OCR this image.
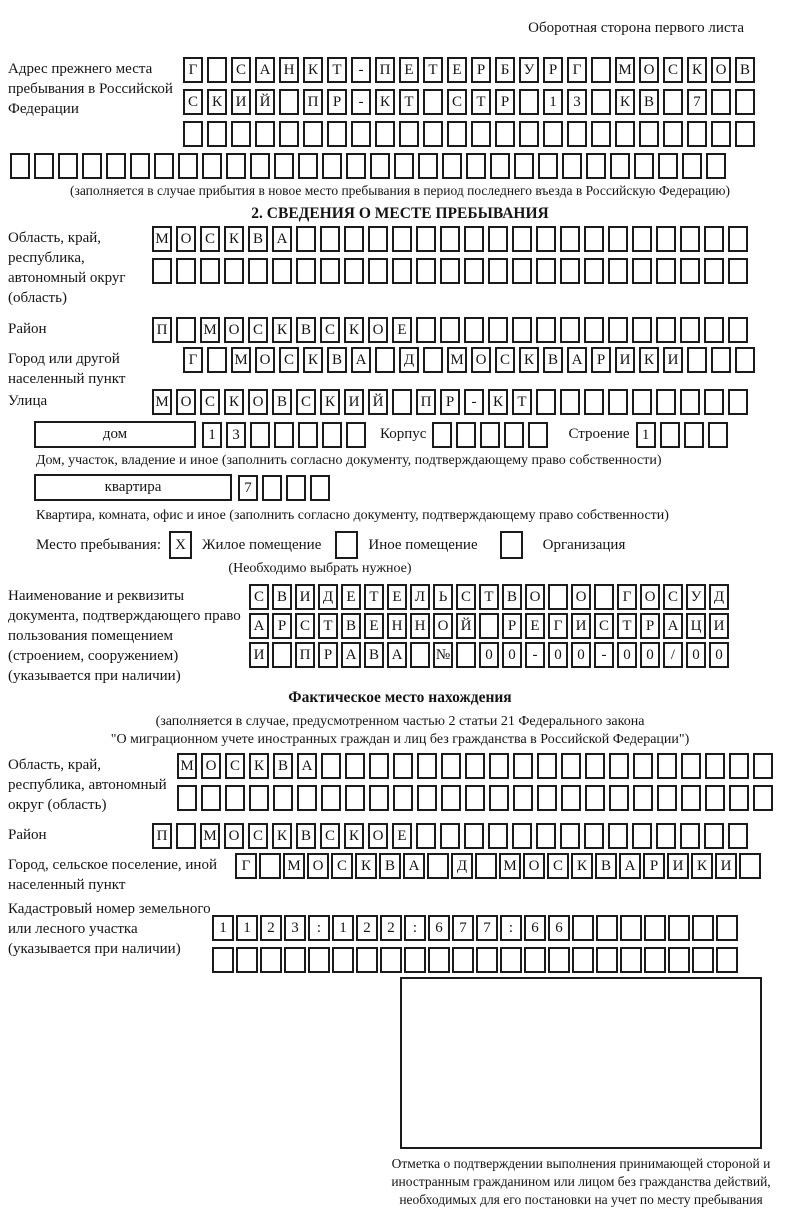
Оборотная сторона первого листа
Адрес прежнего места пребывания в Российской Федерации
Г	С А Н К Т	-	П Е Т Е	Р	Б У Р	Г	М О С К О В
С К И Й	П Р	-	К Т	С Т	Р	1	3	К В	7
(заполняется в случае прибытия в новое место пребывания в период последнего въезда в Российскую Федерацию)
2. СВЕДЕНИЯ О МЕСТЕ ПРЕБЫВАНИЯ
Область, край, республика, автономный округ (область)
М О С К В А
Район	П	М О С К В С К О Е
Город или другой населенный пункт
Г	М О С К В А	Д	М О С К В А Р И К И
Улица	М О С К О В С К И Й	П Р	-	К Т
дом	1	3	Корпус	Строение 1
Дом, участок, владение и иное (заполнить согласно документу, подтверждающему право собственности)
квартира	7
Квартира, комната, офис и иное (заполнить согласно документу, подтверждающему право собственности)
Место пребывания: X	Жилое помещение	Иное помещение	Организация
(Необходимо выбрать нужное)
Наименование и реквизиты документа, подтверждающего право пользования помещением (строением, сооружением) (указывается при наличии)
С В И Д Е Т Е Л Ь С Т В О	О	Г О С У Д
А Р С Т В Е Н Н О Й	Р Е Г И С Т Р А Ц И
И	П Р А В А	№	0	0	-	0	0	-	0	0	/	0	0
Фактическое место нахождения
(заполняется в случае, предусмотренном частью 2 статьи 21 Федерального закона
"О миграционном учете иностранных граждан и лиц без гражданства в Российской Федерации")
Область, край, республика, автономный округ (область)
М О С К В А
Район	П	М О С К В С К О Е
Город, сельское поселение, иной населенный пункт
Г	М О С К В А	Д	М О С К В А Р И К И
Кадастровый номер земельного или лесного участка (указывается при наличии)
1	1	2	3	:	1	2	2	:	6	7	7	:	6	6
Отметка о подтверждении выполнения принимающей стороной и иностранным гражданином или лицом без гражданства действий, необходимых для его постановки на учет по месту пребывания
